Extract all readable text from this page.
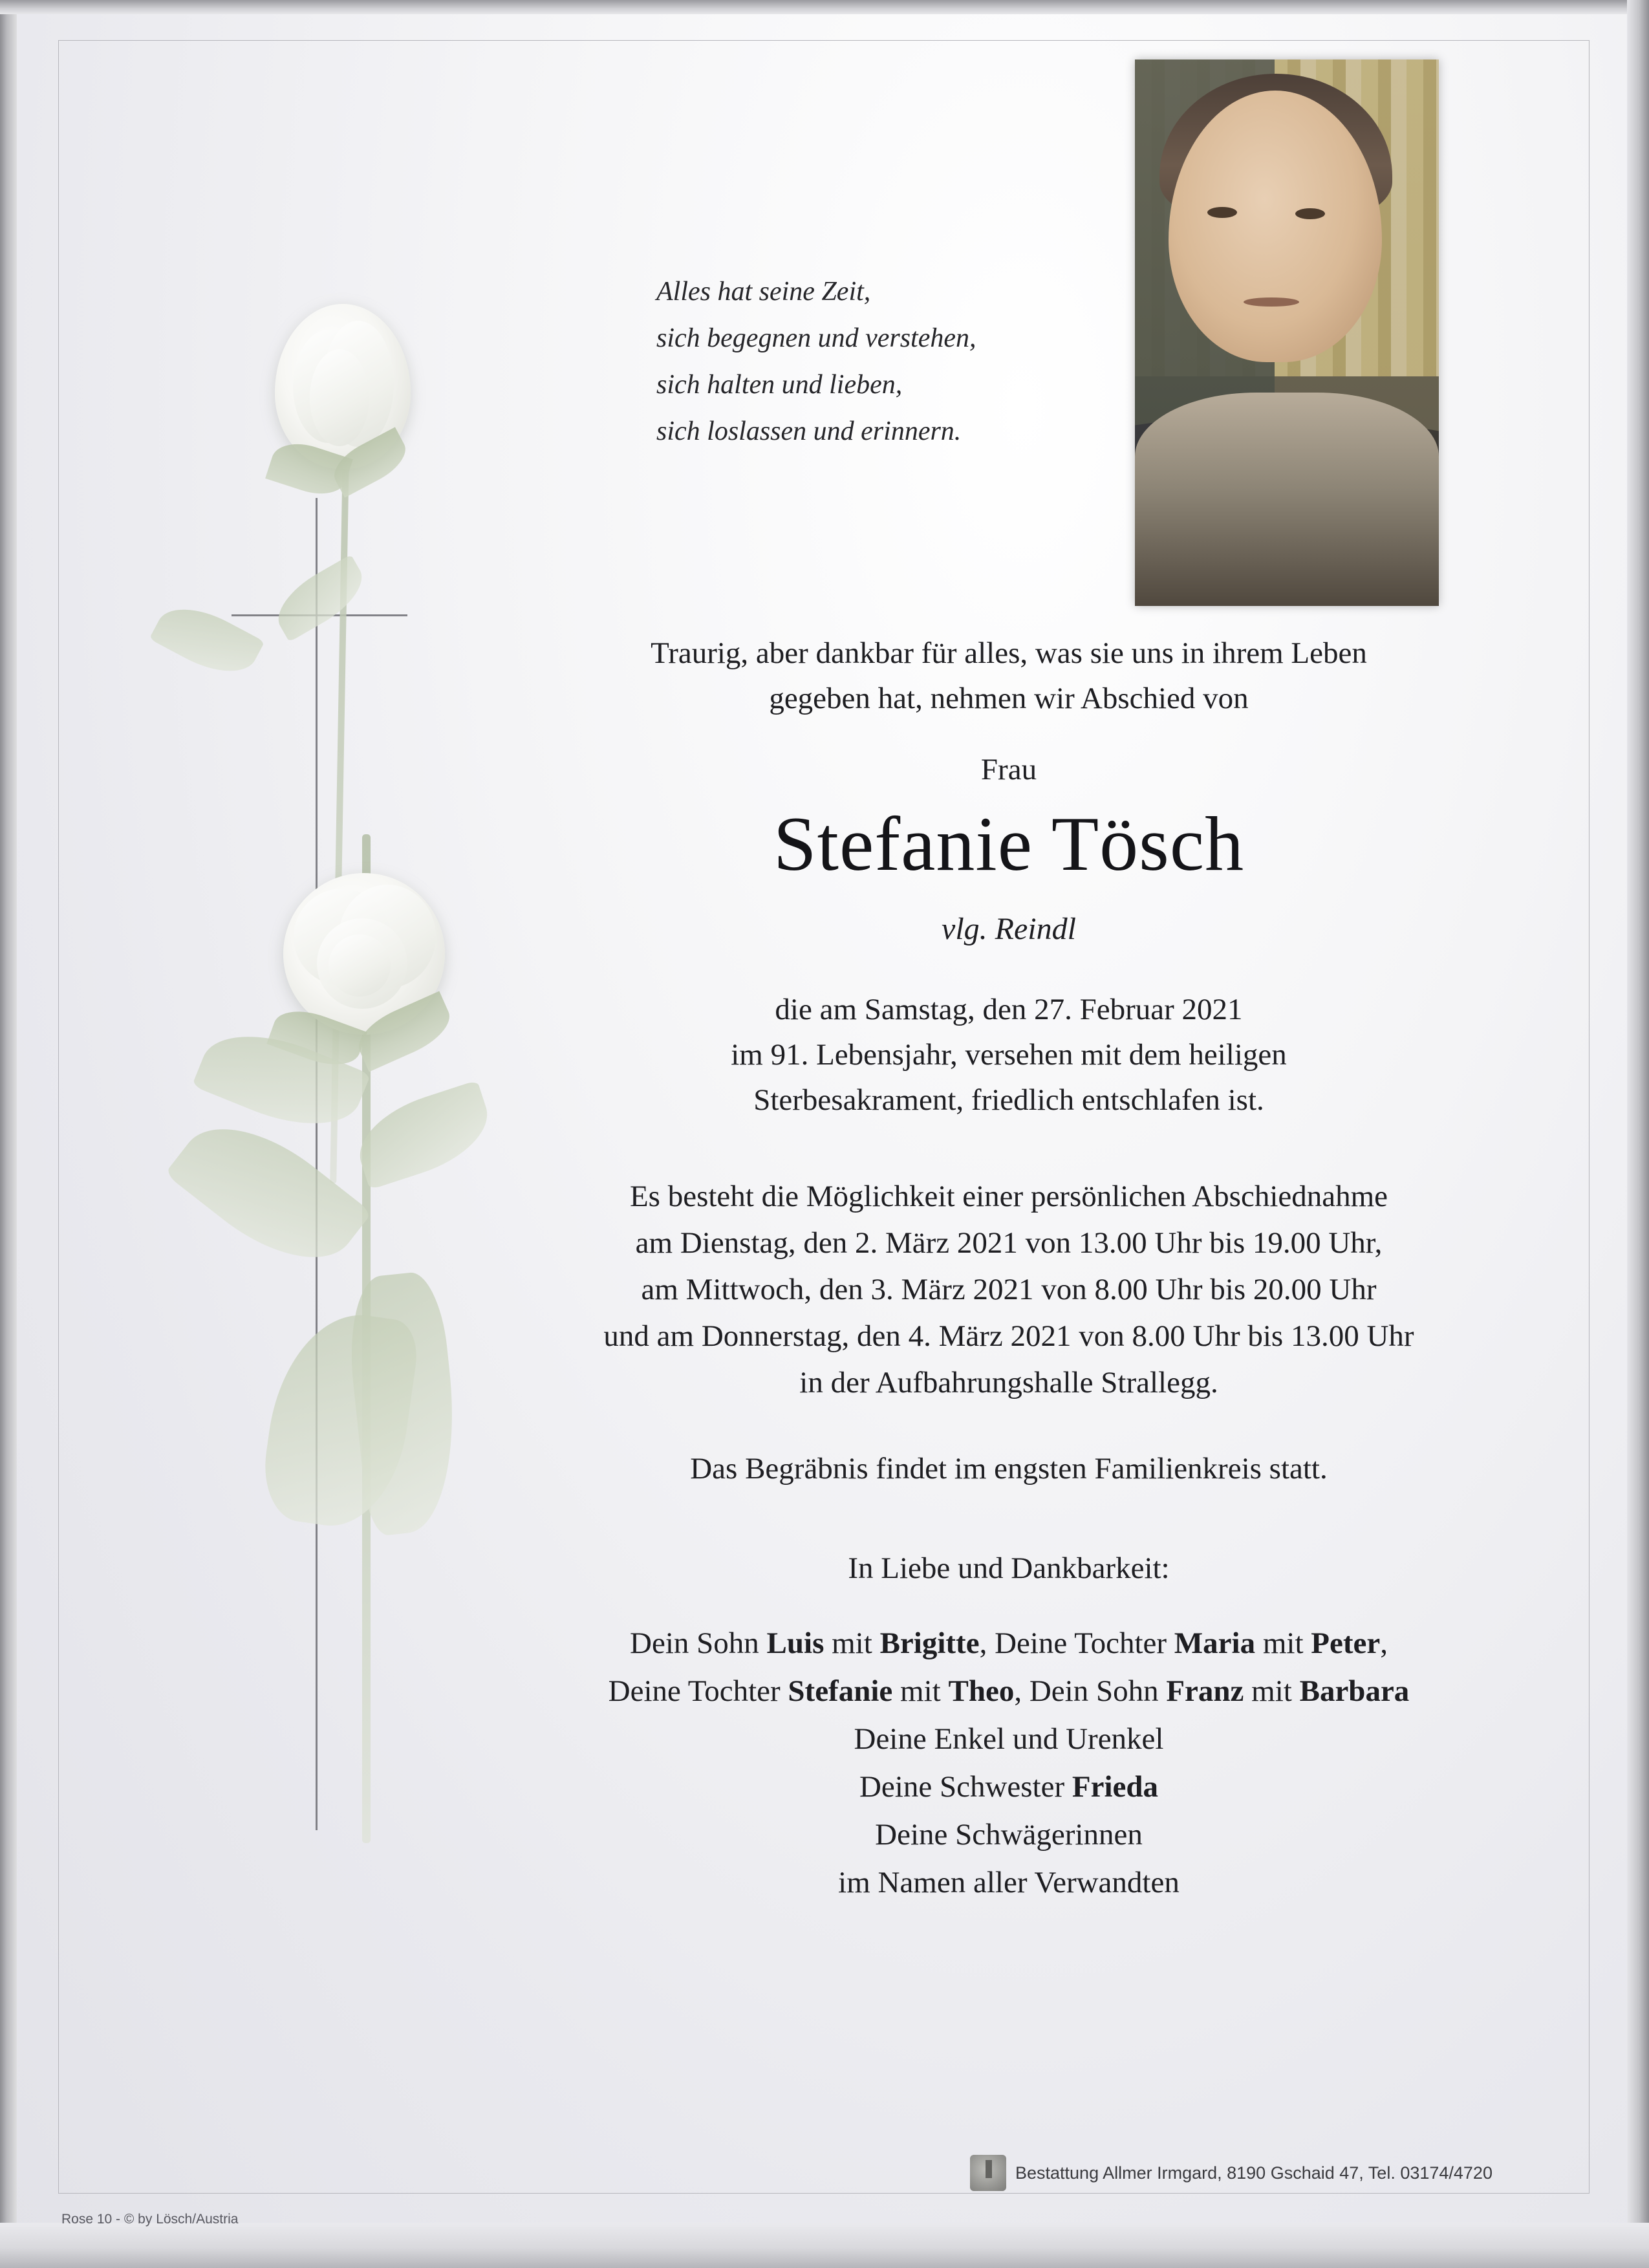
Alles hat seine Zeit,
sich begegnen und verstehen,
sich halten und lieben,
sich loslassen und erinnern.
Traurig, aber dankbar für alles, was sie uns in ihrem Leben
gegeben hat, nehmen wir Abschied von
Frau
Stefanie Tösch
vlg. Reindl
die am Samstag, den 27. Februar 2021
im 91. Lebensjahr, versehen mit dem heiligen
Sterbesakrament, friedlich entschlafen ist.
Es besteht die Möglichkeit einer persönlichen Abschiednahme
am Dienstag, den 2. März 2021 von 13.00 Uhr bis 19.00 Uhr,
am Mittwoch, den 3. März 2021 von 8.00 Uhr bis 20.00 Uhr
und am Donnerstag, den 4. März 2021 von 8.00 Uhr bis 13.00 Uhr
in der Aufbahrungshalle Strallegg.
Das Begräbnis findet im engsten Familienkreis statt.
In Liebe und Dankbarkeit:
Dein Sohn Luis mit Brigitte, Deine Tochter Maria mit Peter,
Deine Tochter Stefanie mit Theo, Dein Sohn Franz mit Barbara
Deine Enkel und Urenkel
Deine Schwester Frieda
Deine Schwägerinnen
im Namen aller Verwandten
Bestattung Allmer Irmgard, 8190 Gschaid 47, Tel. 03174/4720
Rose 10 - © by Lösch/Austria
